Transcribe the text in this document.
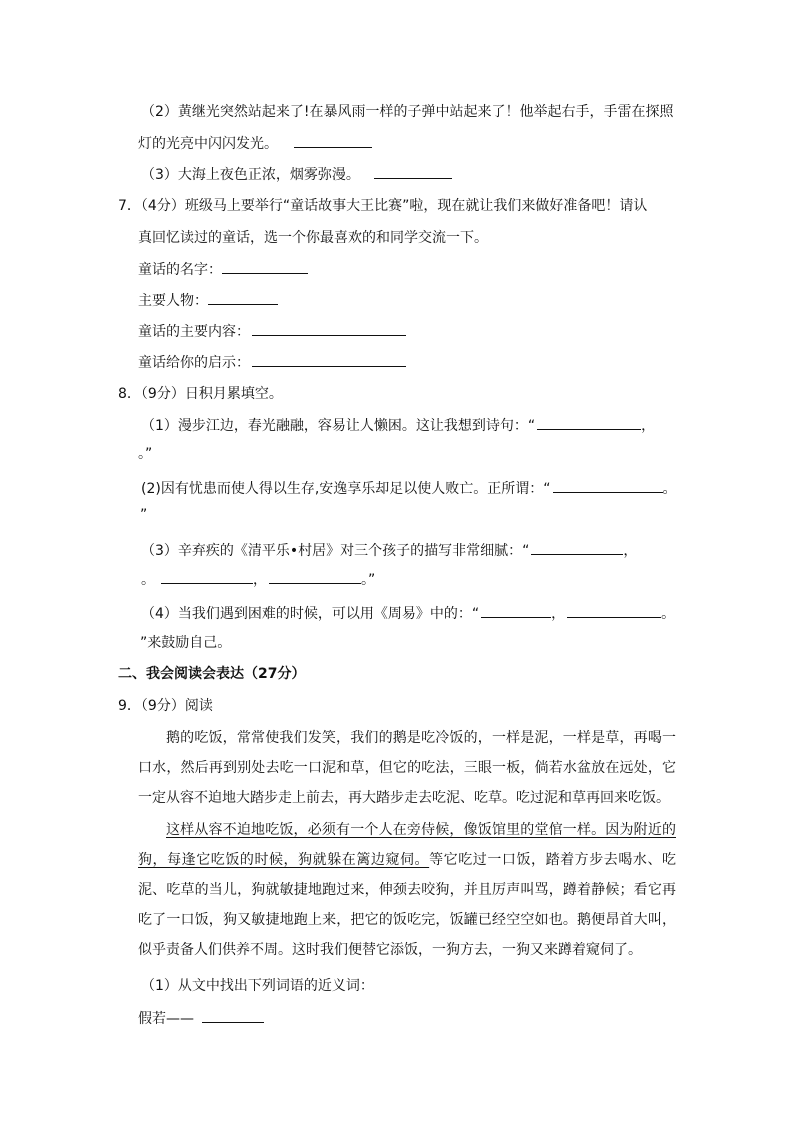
（2）黄继光突然站起来了!在暴风雨一样的子弹中站起来了！他举起右手，手雷在探照
灯的光亮中闪闪发光。
（3）大海上夜色正浓，烟雾弥漫。
7．（4分）班级马上要举行“童话故事大王比赛”啦，现在就让我们来做好准备吧！请认
真回忆读过的童话，选一个你最喜欢的和同学交流一下。
童话的名字：
主要人物：
童话的主要内容：
童话给你的启示：
8．（9分）日积月累填空。
（1）漫步江边，春光融融，容易让人懒困。这让我想到诗句：“	，
。”
(2)因有忧患而使人得以生存,安逸享乐却足以使人败亡。正所谓：“	。
”
（3）辛弃疾的《清平乐•村居》对三个孩子的描写非常细腻：“	，
。	，	。”
（4）当我们遇到困难的时候，可以用《周易》中的：“	，	。
”来鼓励自己。
二、我会阅读会表达（27分）
9．（9分）阅读
鹅的吃饭，常常使我们发笑，我们的鹅是吃冷饭的，一样是泥，一样是草，再喝一口水，然后再到别处去吃一口泥和草，但它的吃法，三眼一板，倘若水盆放在远处，它一定从容不迫地大踏步走上前去，再大踏步走去吃泥、吃草。吃过泥和草再回来吃饭。
这样从容不迫地吃饭，必须有一个人在旁侍候，像饭馆里的堂倌一样。因为附近的狗，每逢它吃饭的时候，狗就躲在篱边窥伺。等它吃过一口饭，踏着方步去喝水、吃泥、吃草的当儿，狗就敏捷地跑过来，伸颈去咬狗，并且厉声叫骂，蹲着静候；看它再吃了一口饭，狗又敏捷地跑上来，把它的饭吃完，饭罐已经空空如也。鹅便昂首大叫，似乎责备人们供养不周。这时我们便替它添饭，一狗方去，一狗又来蹲着窥伺了。
（1）从文中找出下列词语的近义词：
假若——
